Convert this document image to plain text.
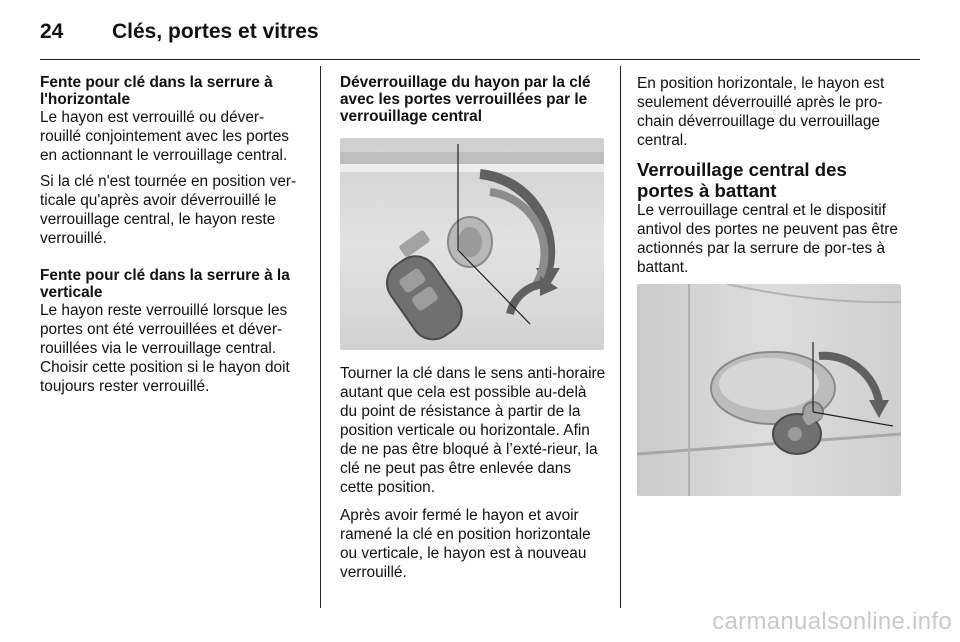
24 Clés, portes et vitres
Fente pour clé dans la serrure à l'horizontale

Le hayon est verrouillé ou déver-rouillé conjointement avec les portes en actionnant le verrouillage central.

Si la clé n'est tournée en position ver-ticale qu'après avoir déverrouillé le verrouillage central, le hayon reste verrouillé.

Fente pour clé dans la serrure à la verticale

Le hayon reste verrouillé lorsque les portes ont été verrouillées et déver-rouillées via le verrouillage central. Choisir cette position si le hayon doit toujours rester verrouillé.

Déverrouillage du hayon par la clé avec les portes verrouillées par le verrouillage central

Tourner la clé dans le sens anti-horaire autant que cela est possible au-delà du point de résistance à partir de la position verticale ou horizontale. Afin de ne pas être bloqué à l’exté-rieur, la clé ne peut pas être enlevée dans cette position.

Après avoir fermé le hayon et avoir ramené la clé en position horizontale ou verticale, le hayon est à nouveau verrouillé.

En position horizontale, le hayon est seulement déverrouillé après le pro-chain déverrouillage du verrouillage central.

Verrouillage central des portes à battant

Le verrouillage central et le dispositif antivol des portes ne peuvent pas être actionnés par la serrure de por-tes à battant.

carmanualsonline.info
